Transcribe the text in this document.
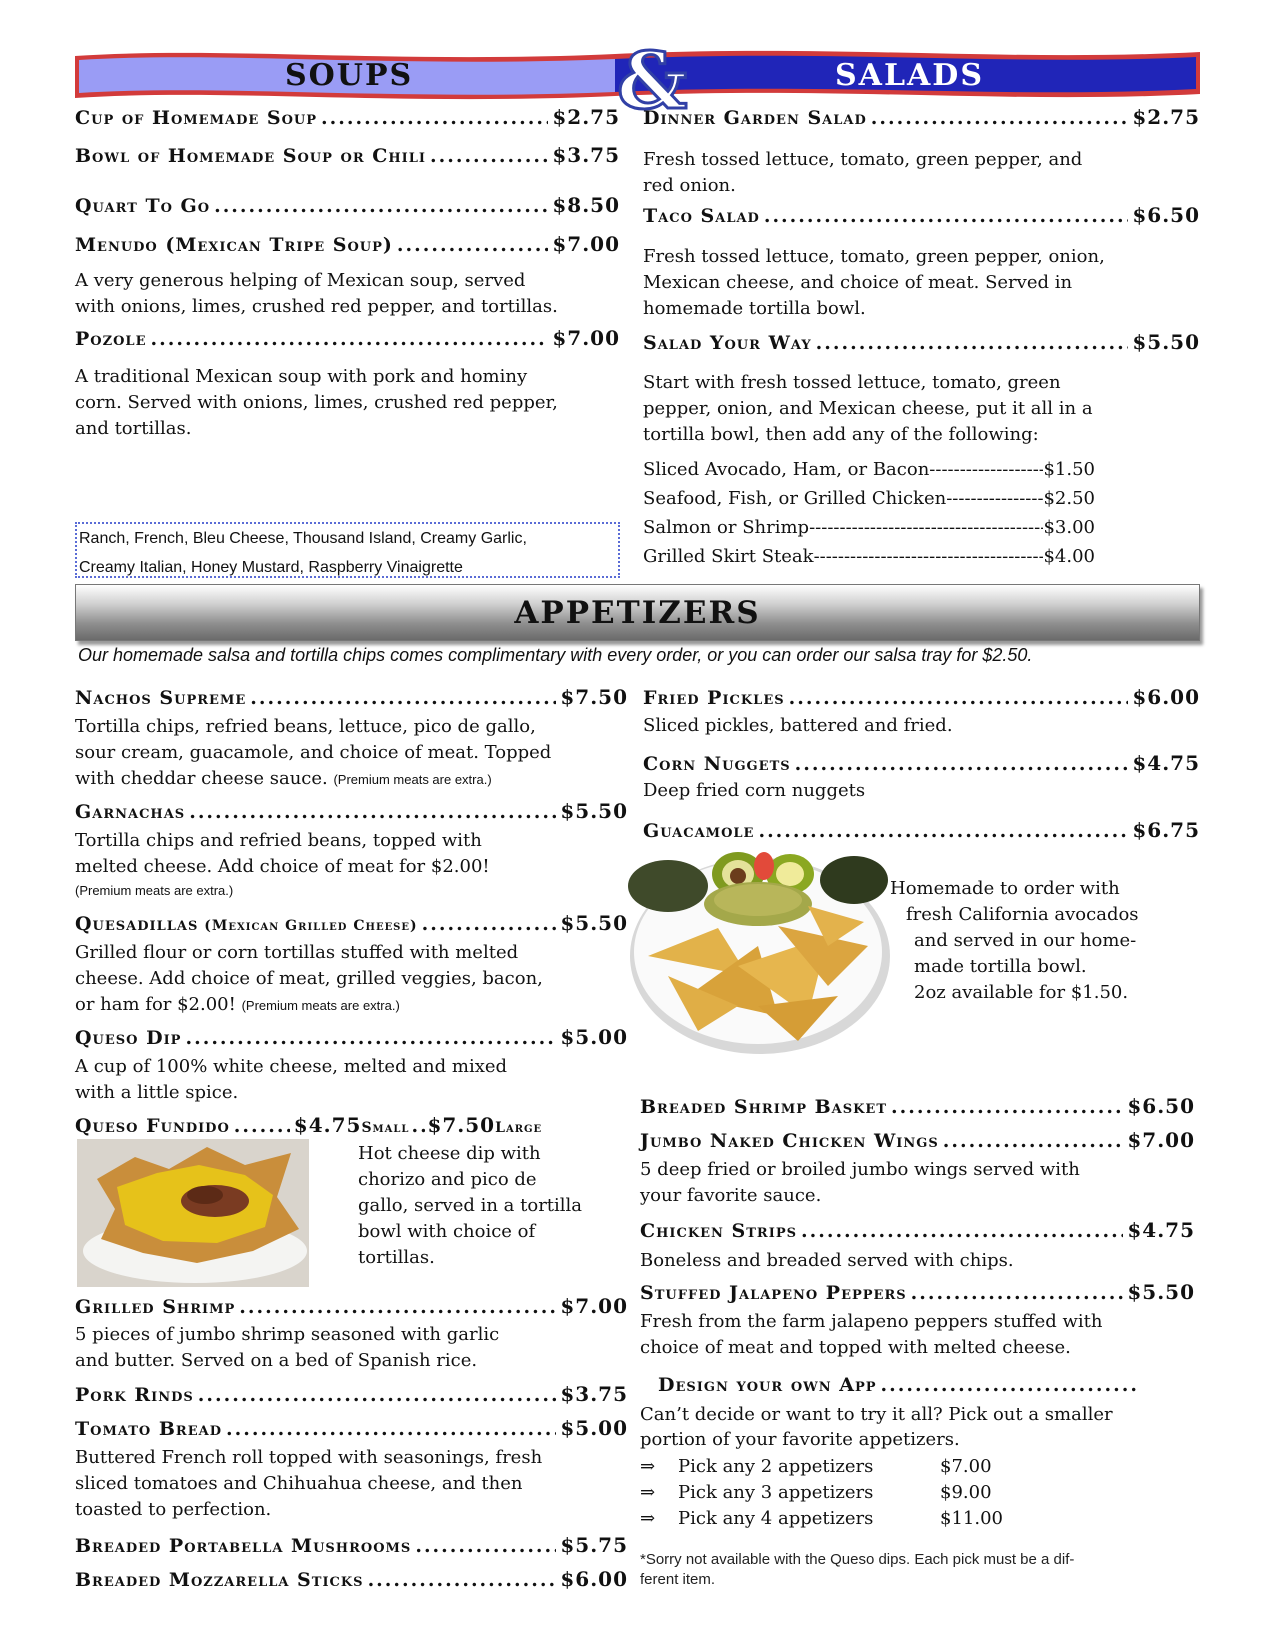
SOUPS	&	SALADS
Cup of Homemade Soup .....	$2.75
Bowl of Homemade Soup or Chili .....	$3.75
Quart To Go .....	$8.50
Menudo (Mexican Tripe Soup) .....	$7.00
A very generous helping of Mexican soup, served
with onions, limes, crushed red pepper, and tortillas.
Pozole .....	$7.00
A traditional Mexican soup with pork and hominy
corn. Served with onions, limes, crushed red pepper,
and tortillas.
Ranch, French, Bleu Cheese, Thousand Island, Creamy Garlic,
Creamy Italian, Honey Mustard, Raspberry Vinaigrette
Dinner Garden Salad .....	$2.75
Fresh tossed lettuce, tomato, green pepper, and
red onion.
Taco Salad .....	$6.50
Fresh tossed lettuce, tomato, green pepper, onion,
Mexican cheese, and choice of meat. Served in
homemade tortilla bowl.
Salad Your Way .....	$5.50
Start with fresh tossed lettuce, tomato, green
pepper, onion, and Mexican cheese, put it all in a
tortilla bowl, then add any of the following:
Sliced Avocado, Ham, or Bacon -----	$1.50
Seafood, Fish, or Grilled Chicken -----	$2.50
Salmon or Shrimp -----	$3.00
Grilled Skirt Steak -----	$4.00
APPETIZERS
Our homemade salsa and tortilla chips comes complimentary with every order, or you can order our salsa tray for $2.50.
Nachos Supreme .....	$7.50
Tortilla chips, refried beans, lettuce, pico de gallo,
sour cream, guacamole, and choice of meat. Topped
with cheddar cheese sauce. (Premium meats are extra.)
Garnachas .....	$5.50
Tortilla chips and refried beans, topped with
melted cheese. Add choice of meat for $2.00!
(Premium meats are extra.)
Quesadillas (Mexican Grilled Cheese) .....	$5.50
Grilled flour or corn tortillas stuffed with melted
cheese. Add choice of meat, grilled veggies, bacon,
or ham for $2.00! (Premium meats are extra.)
Queso Dip .....	$5.00
A cup of 100% white cheese, melted and mixed
with a little spice.
Queso Fundido .....	$4.75 Small ..... $7.50 Large
Hot cheese dip with
chorizo and pico de
gallo, served in a tortilla
bowl with choice of
tortillas.
Grilled Shrimp .....	$7.00
5 pieces of jumbo shrimp seasoned with garlic
and butter. Served on a bed of Spanish rice.
Pork Rinds .....	$3.75
Tomato Bread .....	$5.00
Buttered French roll topped with seasonings, fresh
sliced tomatoes and Chihuahua cheese, and then
toasted to perfection.
Breaded Portabella Mushrooms .....	$5.75
Breaded Mozzarella Sticks .....	$6.00
Fried Pickles .....	$6.00
Sliced pickles, battered and fried.
Corn Nuggets .....	$4.75
Deep fried corn nuggets
Guacamole .....	$6.75
Homemade to order with
fresh California avocados
and served in our home-
made tortilla bowl.
2oz available for $1.50.
Breaded Shrimp Basket .....	$6.50
Jumbo Naked Chicken Wings .....	$7.00
5 deep fried or broiled jumbo wings served with
your favorite sauce.
Chicken Strips .....	$4.75
Boneless and breaded served with chips.
Stuffed Jalapeno Peppers .....	$5.50
Fresh from the farm jalapeno peppers stuffed with
choice of meat and topped with melted cheese.
Design your own App
.....
Can’t decide or want to try it all? Pick out a smaller
portion of your favorite appetizers.
⇒	Pick any 2 appetizers	$7.00
⇒	Pick any 3 appetizers	$9.00
⇒	Pick any 4 appetizers	$11.00
*Sorry not available with the Queso dips. Each pick must be a dif-
ferent item.
